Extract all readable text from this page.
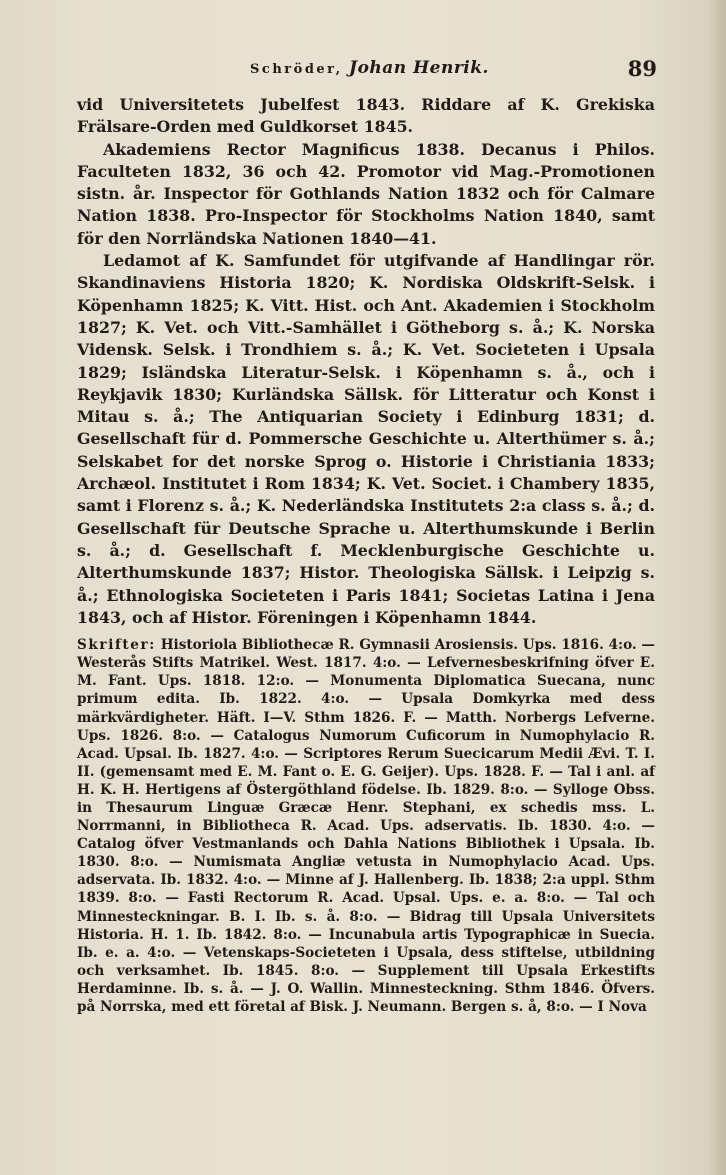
Schröder, Johan Henrik.	89

vid Universitetets Jubelfest 1843. Riddare af K. Grekiska Frälsare-Orden med Guldkorset 1845.

Akademiens Rector Magnificus 1838. Decanus i Philos. Faculteten 1832, 36 och 42. Promotor vid Mag.-Promotionen sistn. år. Inspector för Gothlands Nation 1832 och för Calmare Nation 1838. Pro-Inspector för Stockholms Nation 1840, samt för den Norrländska Nationen 1840—41.

Ledamot af K. Samfundet för utgifvande af Handlingar rör. Skandinaviens Historia 1820; K. Nordiska Oldskrift-Selsk. i Köpenhamn 1825; K. Vitt. Hist. och Ant. Akademien i Stockholm 1827; K. Vet. och Vitt.-Samhället i Götheborg s. å.; K. Norska Vidensk. Selsk. i Trondhiem s. å.; K. Vet. Societeten i Upsala 1829; Isländska Literatur-Selsk. i Köpenhamn s. å., och i Reykjavik 1830; Kurländska Sällsk. för Litteratur och Konst i Mitau s. å.; The Antiquarian Society i Edinburg 1831; d. Gesellschaft für d. Pommersche Geschichte u. Alterthümer s. å.; Selskabet for det norske Sprog o. Historie i Christiania 1833; Archæol. Institutet i Rom 1834; K. Vet. Societ. i Chambery 1835, samt i Florenz s. å.; K. Nederländska Institutets 2:a class s. å.; d. Gesellschaft für Deutsche Sprache u. Alterthumskunde i Berlin s. å.; d. Gesellschaft f. Mecklenburgische Geschichte u. Alterthumskunde 1837; Histor. Theologiska Sällsk. i Leipzig s. å.; Ethnologiska Societeten i Paris 1841; Societas Latina i Jena 1843, och af Histor. Föreningen i Köpenhamn 1844.

Skrifter: Historiola Bibliothecæ R. Gymnasii Arosiensis. Ups. 1816. 4:o. — Westerås Stifts Matrikel. West. 1817. 4:o. — Lefvernesbeskrifning öfver E. M. Fant. Ups. 1818. 12:o. — Monumenta Diplomatica Suecana, nunc primum edita. Ib. 1822. 4:o. — Upsala Domkyrka med dess märkvärdigheter. Häft. I—V. Sthm 1826. F. — Matth. Norbergs Lefverne. Ups. 1826. 8:o. — Catalogus Numorum Cuficorum in Numophylacio R. Acad. Upsal. Ib. 1827. 4:o. — Scriptores Rerum Suecicarum Medii Ævi. T. I. II. (gemensamt med E. M. Fant o. E. G. Geijer). Ups. 1828. F. — Tal i anl. af H. K. H. Hertigens af Östergöthland födelse. Ib. 1829. 8:o. — Sylloge Obss. in Thesaurum Linguæ Græcæ Henr. Stephani, ex schedis mss. L. Norrmanni, in Bibliotheca R. Acad. Ups. adservatis. Ib. 1830. 4:o. — Catalog öfver Vestmanlands och Dahla Nations Bibliothek i Upsala. Ib. 1830. 8:o. — Numismata Angliæ vetusta in Numophylacio Acad. Ups. adservata. Ib. 1832. 4:o. — Minne af J. Hallenberg. Ib. 1838; 2:a uppl. Sthm 1839. 8:o. — Fasti Rectorum R. Acad. Upsal. Ups. e. a. 8:o. — Tal och Minnesteckningar. B. I. Ib. s. å. 8:o. — Bidrag till Upsala Universitets Historia. H. 1. Ib. 1842. 8:o. — Incunabula artis Typographicæ in Suecia. Ib. e. a. 4:o. — Vetenskaps-Societeten i Upsala, dess stiftelse, utbildning och verksamhet. Ib. 1845. 8:o. — Supplement till Upsala Erkestifts Herdaminne. Ib. s. å. — J. O. Wallin. Minnesteckning. Sthm 1846. Öfvers. på Norrska, med ett företal af Bisk. J. Neumann. Bergen s. å, 8:o. — I Nova
